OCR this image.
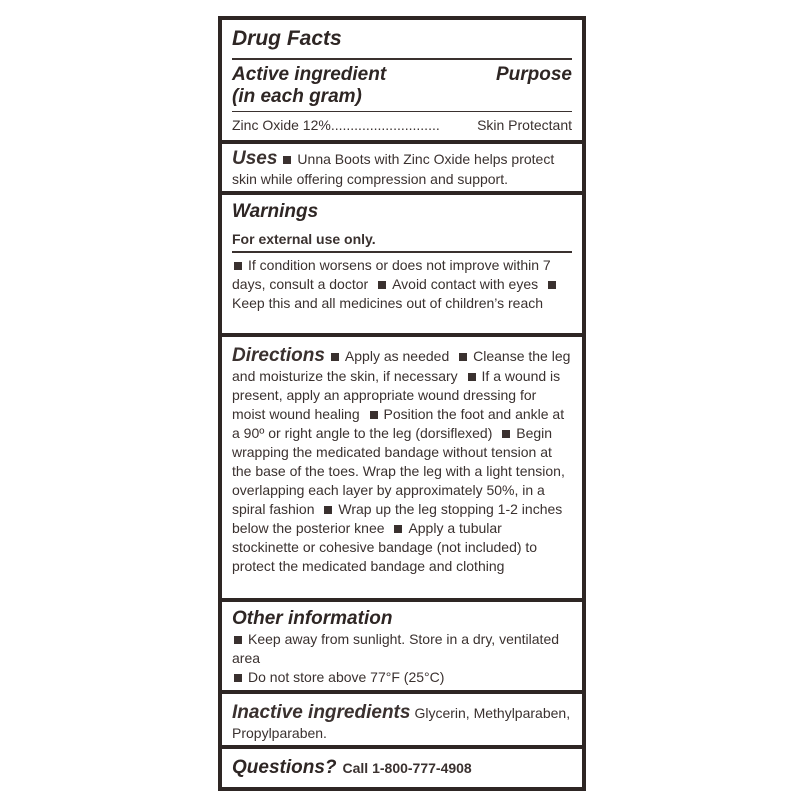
Drug Facts
Active ingredient
(in each gram)
Purpose
Zinc Oxide 12% ............................	Skin Protectant
Uses Unna Boots with Zinc Oxide helps protect skin while offering compression and support.
Warnings
For external use only.
If condition worsens or does not improve within 7 days, consult a doctor Avoid contact with eyes Keep this and all medicines out of children’s reach
Directions Apply as needed Cleanse the leg and moisturize the skin, if necessary If a wound is present, apply an appropriate wound dressing for moist wound healing Position the foot and ankle at a 90º or right angle to the leg (dorsiflexed) Begin wrapping the medicated bandage without tension at the base of the toes. Wrap the leg with a light tension, overlapping each layer by approximately 50%, in a spiral fashion Wrap up the leg stopping 1-2 inches below the posterior knee Apply a tubular stockinette or cohesive bandage (not included) to protect the medicated bandage and clothing
Other information
Keep away from sunlight. Store in a dry, ventilated area
Do not store above 77°F (25°C)
Inactive ingredients Glycerin, Methylparaben, Propylparaben.
Questions? Call 1-800-777-4908
